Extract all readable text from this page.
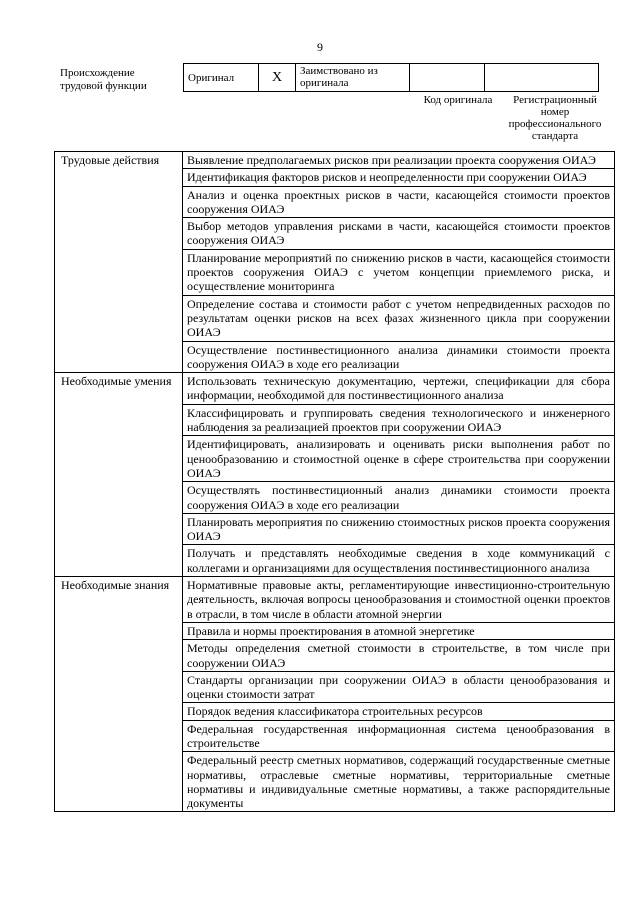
9
Происхождение трудовой функции
Оригинал	X	Заимствовано из оригинала		
Код оригинала	Регистрационный номер профессионального стандарта
Трудовые действия	Выявление предполагаемых рисков при реализации проекта сооружения ОИАЭ
	Идентификация факторов рисков и неопределенности при сооружении ОИАЭ
	Анализ и оценка проектных рисков в части, касающейся стоимости проектов сооружения ОИАЭ
	Выбор методов управления рисками в части, касающейся стоимости проектов сооружения ОИАЭ
	Планирование мероприятий по снижению рисков в части, касающейся стоимости проектов сооружения ОИАЭ с учетом концепции приемлемого риска, и осуществление мониторинга
	Определение состава и стоимости работ с учетом непредвиденных расходов по результатам оценки рисков на всех фазах жизненного цикла при сооружении ОИАЭ
	Осуществление постинвестиционного анализа динамики стоимости проекта сооружения ОИАЭ в ходе его реализации
Необходимые умения	Использовать техническую документацию, чертежи, спецификации для сбора информации, необходимой для постинвестиционного анализа
	Классифицировать и группировать сведения технологического и инженерного наблюдения за реализацией проектов при сооружении ОИАЭ
	Идентифицировать, анализировать и оценивать риски выполнения работ по ценообразованию и стоимостной оценке в сфере строительства при сооружении ОИАЭ
	Осуществлять постинвестиционный анализ динамики стоимости проекта сооружения ОИАЭ в ходе его реализации
	Планировать мероприятия по снижению стоимостных рисков проекта сооружения ОИАЭ
	Получать и представлять необходимые сведения в ходе коммуникаций с коллегами и организациями для осуществления постинвестиционного анализа
Необходимые знания	Нормативные правовые акты, регламентирующие инвестиционно-строительную деятельность, включая вопросы ценообразования и стоимостной оценки проектов в отрасли, в том числе в области атомной энергии
	Правила и нормы проектирования в атомной энергетике
	Методы определения сметной стоимости в строительстве, в том числе при сооружении ОИАЭ
	Стандарты организации при сооружении ОИАЭ в области ценообразования и оценки стоимости затрат
	Порядок ведения классификатора строительных ресурсов
	Федеральная государственная информационная система ценообразования в строительстве
	Федеральный реестр сметных нормативов, содержащий государственные сметные нормативы, отраслевые сметные нормативы, территориальные сметные нормативы и индивидуальные сметные нормативы, а также распорядительные документы
